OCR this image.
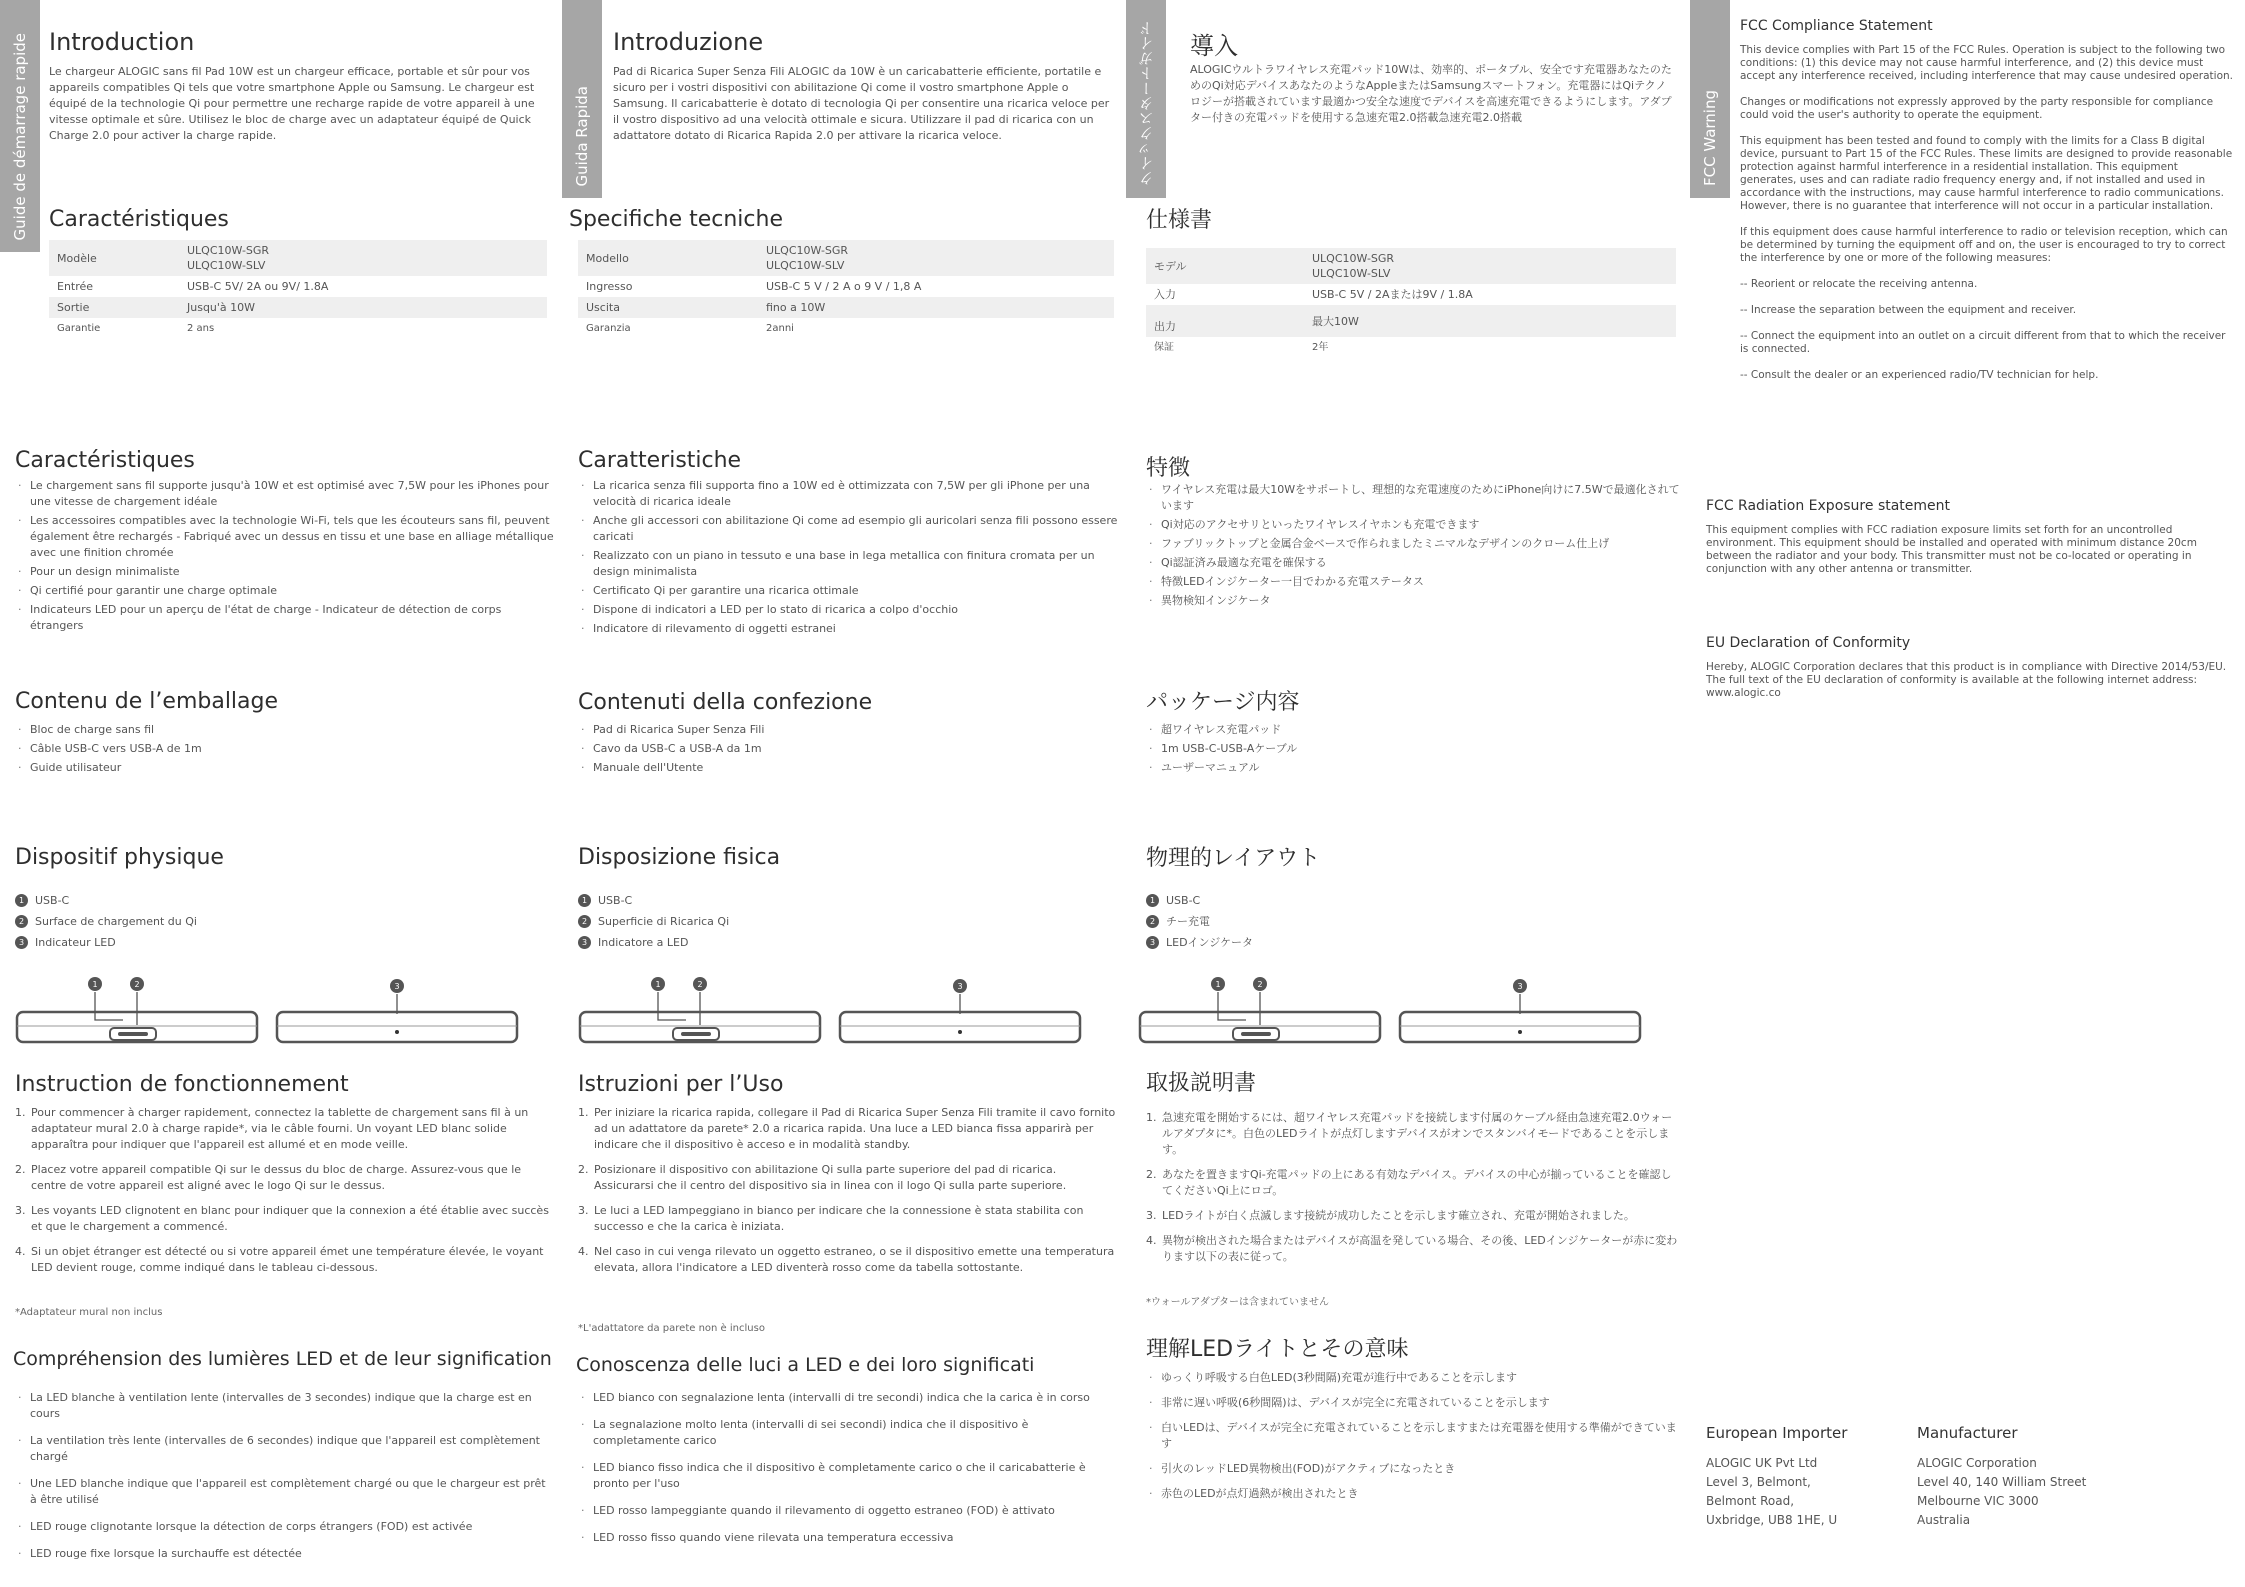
Guide de démarrage rapide Introduction

Le chargeur ALOGIC sans fil Pad 10W est un chargeur efficace, portable et sûr pour vos appareils compatibles Qi tels que votre smartphone Apple ou Samsung. Le chargeur est équipé de la technologie Qi pour permettre une recharge rapide de votre appareil à une vitesse optimale et sûre. Utilisez le bloc de charge avec un adaptateur équipé de Quick Charge 2.0 pour activer la charge rapide.

Caractéristiques
Modèle	ULQC10W-SGR
ULQC10W-SLV
Entrée	USB-C 5V/ 2A ou 9V/ 1.8A
Sortie	Jusqu'à 10W
Garantie	2 ans
Caractéristiques
· Le chargement sans fil supporte jusqu'à 10W et est optimisé avec 7,5W pour les iPhones pour une vitesse de chargement idéale
· Les accessoires compatibles avec la technologie Wi-Fi, tels que les écouteurs sans fil, peuvent également être rechargés - Fabriqué avec un dessus en tissu et une base en alliage métallique avec une finition chromée
· Pour un design minimaliste
· Qi certifié pour garantir une charge optimale
· Indicateurs LED pour un aperçu de l'état de charge - Indicateur de détection de corps étrangers
Contenu de l’emballage
· Bloc de charge sans fil
· Câble USB-C vers USB-A de 1m
· Guide utilisateur
Dispositif physique
1 USB-C
2 Surface de chargement du Qi
3 Indicateur LED
1	2	3
Instruction de fonctionnement
1. Pour commencer à charger rapidement, connectez la tablette de chargement sans fil à un adaptateur mural 2.0 à charge rapide*, via le câble fourni. Un voyant LED blanc solide apparaîtra pour indiquer que l'appareil est allumé et en mode veille.
2. Placez votre appareil compatible Qi sur le dessus du bloc de charge. Assurez-vous que le centre de votre appareil est aligné avec le logo Qi sur le dessus.
3. Les voyants LED clignotent en blanc pour indiquer que la connexion a été établie avec succès et que le chargement a commencé.
4. Si un objet étranger est détecté ou si votre appareil émet une température élevée, le voyant LED devient rouge, comme indiqué dans le tableau ci-dessous.
*Adaptateur mural non inclus
Compréhension des lumières LED et de leur signification
· La LED blanche à ventilation lente (intervalles de 3 secondes) indique que la charge est en cours
· La ventilation très lente (intervalles de 6 secondes) indique que l'appareil est complètement chargé
· Une LED blanche indique que l'appareil est complètement chargé ou que le chargeur est prêt à être utilisé
· LED rouge clignotante lorsque la détection de corps étrangers (FOD) est activée
· LED rouge fixe lorsque la surchauffe est détectée
Guida Rapida
Introduzione

Pad di Ricarica Super Senza Fili ALOGIC da 10W è un caricabatterie efficiente, portatile e sicuro per i vostri dispositivi con abilitazione Qi come il vostro smartphone Apple o Samsung. Il caricabatterie è dotato di tecnologia Qi per consentire una ricarica veloce per il vostro dispositivo ad una velocità ottimale e sicura. Utilizzare il pad di ricarica con un adattatore dotato di Ricarica Rapida 2.0 per attivare la ricarica veloce.

Specifiche tecniche
Modello	ULQC10W-SGR
ULQC10W-SLV
Ingresso	USB-C 5 V / 2 A o 9 V / 1,8 A
Uscita	fino a 10W
Garanzia	2anni
Caratteristiche
· La ricarica senza fili supporta fino a 10W ed è ottimizzata con 7,5W per gli iPhone per una velocità di ricarica ideale
· Anche gli accessori con abilitazione Qi come ad esempio gli auricolari senza fili possono essere caricati
· Realizzato con un piano in tessuto e una base in lega metallica con finitura cromata per un design minimalista
· Certificato Qi per garantire una ricarica ottimale
· Dispone di indicatori a LED per lo stato di ricarica a colpo d'occhio
· Indicatore di rilevamento di oggetti estranei
Contenuti della confezione
· Pad di Ricarica Super Senza Fili
· Cavo da USB-C a USB-A da 1m
· Manuale dell'Utente
Disposizione fisica
1 USB-C
2 Superficie di Ricarica Qi
3 Indicatore a LED
1	2	3
Istruzioni per l’Uso
1. Per iniziare la ricarica rapida, collegare il Pad di Ricarica Super Senza Fili tramite il cavo fornito ad un adattatore da parete* 2.0 a ricarica rapida. Una luce a LED bianca fissa apparirà per indicare che il dispositivo è acceso e in modalità standby.
2. Posizionare il dispositivo con abilitazione Qi sulla parte superiore del pad di ricarica. Assicurarsi che il centro del dispositivo sia in linea con il logo Qi sulla parte superiore.
3. Le luci a LED lampeggiano in bianco per indicare che la connessione è stata stabilita con successo e che la carica è iniziata.
4. Nel caso in cui venga rilevato un oggetto estraneo, o se il dispositivo emette una temperatura elevata, allora l'indicatore a LED diventerà rosso come da tabella sottostante.
*L'adattatore da parete non è incluso
Conoscenza delle luci a LED e dei loro significati
· LED bianco con segnalazione lenta (intervalli di tre secondi) indica che la carica è in corso
· La segnalazione molto lenta (intervalli di sei secondi) indica che il dispositivo è completamente carico
· LED bianco fisso indica che il dispositivo è completamente carico o che il caricabatterie è pronto per l'uso
· LED rosso lampeggiante quando il rilevamento di oggetto estraneo (FOD) è attivato
· LED rosso fisso quando viene rilevata una temperatura eccessiva
クイックスタートガイド	導入

ALOGICウルトラワイヤレス充電パッド10Wは、効率的、ポータブル、安全です充電器あなたのためのQi対応デバイスあなたのようなAppleまたはSamsungスマートフォン。充電器にはQiテクノロジーが搭載されています最適かつ安全な速度でデバイスを高速充電できるようにします。アダプター付きの充電パッドを使用する急速充電2.0搭載急速充電2.0搭載

仕様書
モデル	ULQC10W-SGR
ULQC10W-SLV
入力	USB-C 5V / 2Aまたは9V / 1.8A
出力	最大10W
保証	2年
特徴
· ワイヤレス充電は最大10Wをサポートし、理想的な充電速度のためにiPhone向けに7.5Wで最適化されています
· Qi対応のアクセサリといったワイヤレスイヤホンも充電できます
· ファブリックトップと金属合金ベースで作られましたミニマルなデザインのクローム仕上げ
· Qi認証済み最適な充電を確保する
· 特徴LEDインジケーター一目でわかる充電ステータス
· 異物検知インジケータ
パッケージ内容
· 超ワイヤレス充電パッド
· 1m USB-C-USB-Aケーブル
· ユーザーマニュアル
物理的レイアウト
1 USB-C
2 チー充電
3 LEDインジケータ
1	2	3
取扱説明書
1. 急速充電を開始するには、超ワイヤレス充電パッドを接続します付属のケーブル経由急速充電2.0ウォールアダプタに*。白色のLEDライトが点灯しますデバイスがオンでスタンバイモードであることを示します。
2. あなたを置きますQi-充電パッドの上にある有効なデバイス。デバイスの中心が揃っていることを確認してくださいQi上にロゴ。
3. LEDライトが白く点滅します接続が成功したことを示します確立され、充電が開始されました。
4. 異物が検出された場合またはデバイスが高温を発している場合、その後、LEDインジケーターが赤に変わります以下の表に従って。
*ウォールアダプターは含まれていません
理解LEDライトとその意味
· ゆっくり呼吸する白色LED(3秒間隔)充電が進行中であることを示します
· 非常に遅い呼吸(6秒間隔)は、デバイスが完全に充電されていることを示します
· 白いLEDは、デバイスが完全に充電されていることを示しますまたは充電器を使用する準備ができています
· 引火のレッドLED異物検出(FOD)がアクティブになったとき
· 赤色のLEDが点灯過熱が検出されたとき
FCC Warning
FCC Compliance Statement

This device complies with Part 15 of the FCC Rules. Operation is subject to the following two conditions: (1) this device may not cause harmful interference, and (2) this device must accept any interference received, including interference that may cause undesired operation.

Changes or modifications not expressly approved by the party responsible for compliance could void the user's authority to operate the equipment.

This equipment has been tested and found to comply with the limits for a Class B digital device, pursuant to Part 15 of the FCC Rules. These limits are designed to provide reasonable protection against harmful interference in a residential installation. This equipment generates, uses and can radiate radio frequency energy and, if not installed and used in accordance with the instructions, may cause harmful interference to radio communications. However, there is no guarantee that interference will not occur in a particular installation.

If this equipment does cause harmful interference to radio or television reception, which can be determined by turning the equipment off and on, the user is encouraged to try to correct the interference by one or more of the following measures:

-- Reorient or relocate the receiving antenna.

-- Increase the separation between the equipment and receiver.

-- Connect the equipment into an outlet on a circuit different from that to which the receiver is connected.

-- Consult the dealer or an experienced radio/TV technician for help.

FCC Radiation Exposure statement

This equipment complies with FCC radiation exposure limits set forth for an uncontrolled environment. This equipment should be installed and operated with minimum distance 20cm between the radiator and your body. This transmitter must not be co-located or operating in conjunction with any other antenna or transmitter.

EU Declaration of Conformity

Hereby, ALOGIC Corporation declares that this product is in compliance with Directive 2014/53/EU. The full text of the EU declaration of conformity is available at the following internet address: www.alogic.co

European Importer
ALOGIC UK Pvt Ltd
Level 3, Belmont,
Belmont Road,
Uxbridge, UB8 1HE, U
Manufacturer
ALOGIC Corporation
Level 40, 140 William Street
Melbourne VIC 3000
Australia
